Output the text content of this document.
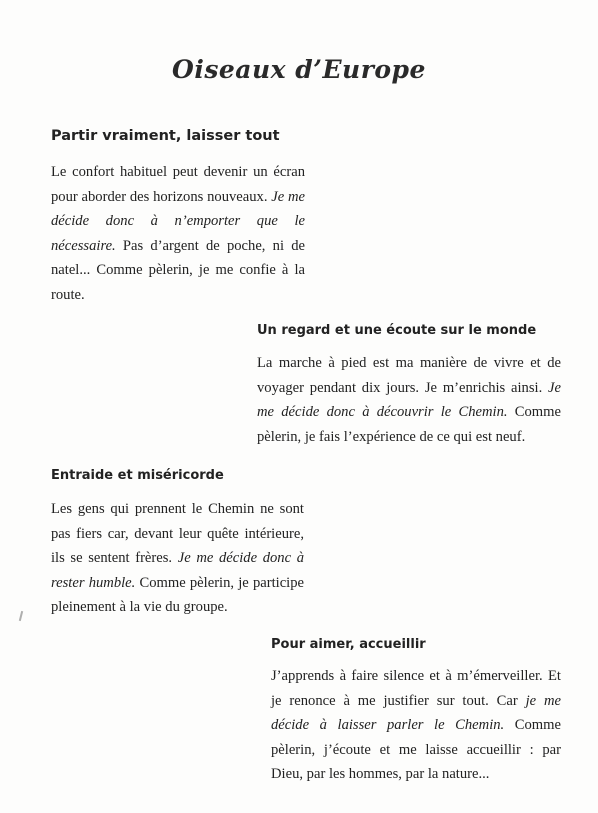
Oiseaux d’Europe
Partir vraiment, laisser tout

Le confort habituel peut devenir un écran pour aborder des horizons nouveaux. Je me décide donc à n’emporter que le nécessaire. Pas d’argent de poche, ni de natel... Comme pèlerin, je me confie à la route.

Un regard et une écoute sur le monde

La marche à pied est ma manière de vivre et de voyager pendant dix jours. Je m’enrichis ainsi. Je me décide donc à découvrir le Chemin. Comme pèlerin, je fais l’expérience de ce qui est neuf.

Entraide et miséricorde

Les gens qui prennent le Chemin ne sont pas fiers car, devant leur quête intérieure, ils se sentent frères. Je me décide donc à rester humble. Comme pèlerin, je participe pleinement à la vie du groupe.

Pour aimer, accueillir

J’apprends à faire silence et à m’émerveiller. Et je renonce à me justifier sur tout. Car je me décide à laisser parler le Chemin. Comme pèlerin, j’écoute et me laisse accueillir : par Dieu, par les hommes, par la nature...
